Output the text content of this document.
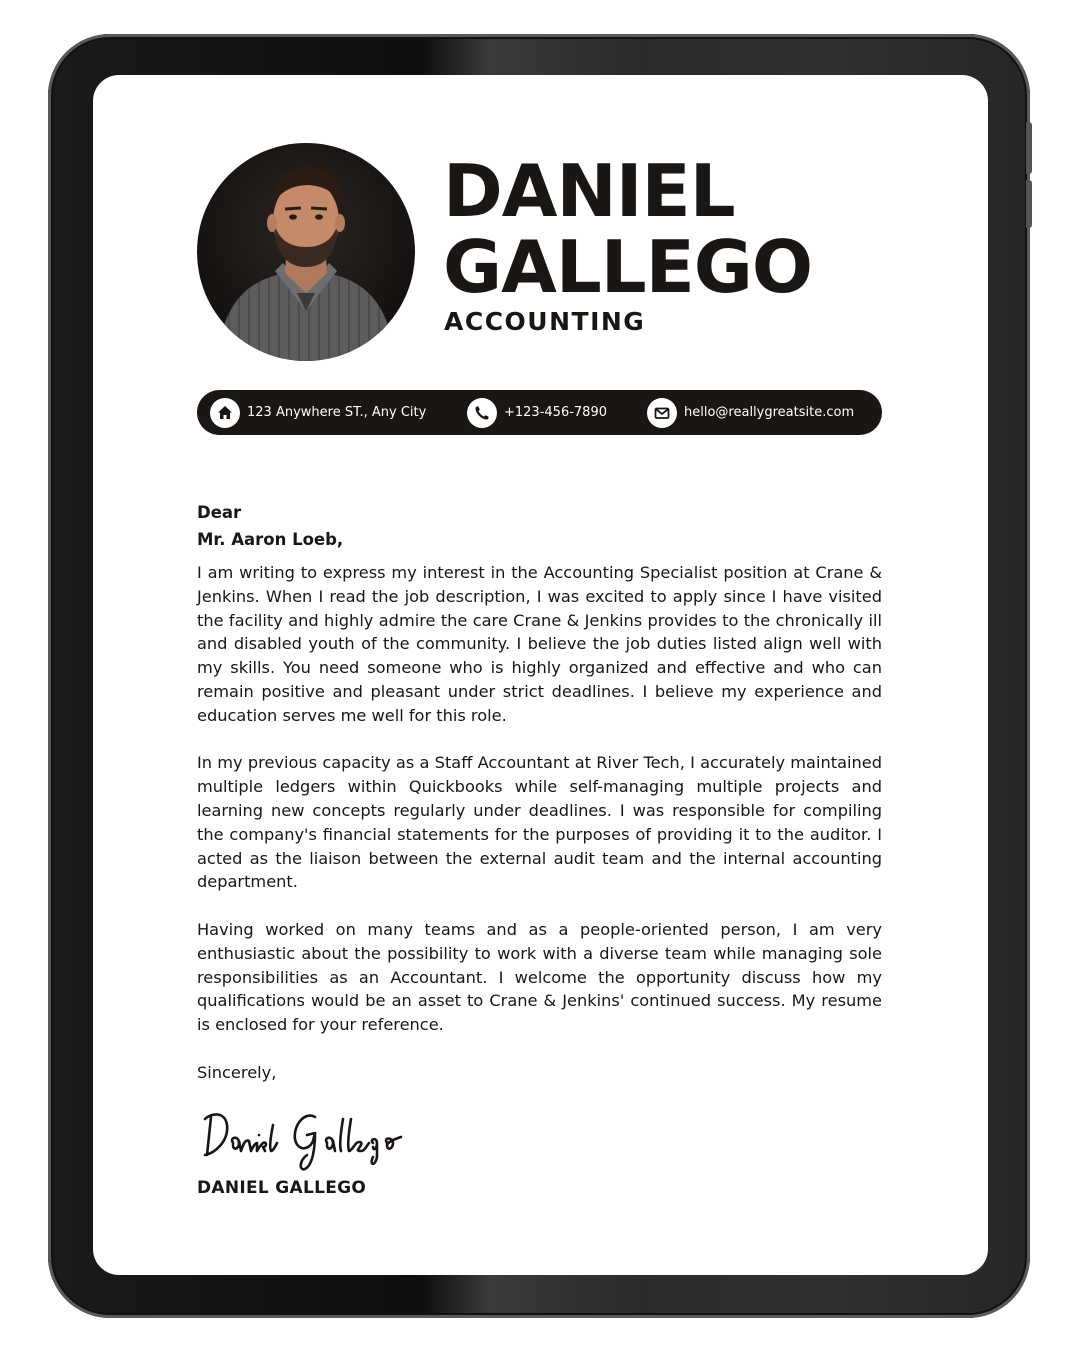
DANIEL
GALLEGO
ACCOUNTING
123 Anywhere ST., Any City	+123-456-7890	hello@reallygreatsite.com
Dear
Mr. Aaron Loeb,

I am writing to express my interest in the Accounting Specialist position at Crane & Jenkins. When I read the job description, I was excited to apply since I have visited the facility and highly admire the care Crane & Jenkins provides to the chronically ill and disabled youth of the community. I believe the job duties listed align well with my skills. You need someone who is highly organized and effective and who can remain positive and pleasant under strict deadlines. I believe my experience and education serves me well for this role.

In my previous capacity as a Staff Accountant at River Tech, I accurately maintained multiple ledgers within Quickbooks while self-managing multiple projects and learning new concepts regularly under deadlines. I was responsible for compiling the company's financial statements for the purposes of providing it to the auditor. I acted as the liaison between the external audit team and the internal accounting department.

Having worked on many teams and as a people-oriented person, I am very enthusiastic about the possibility to work with a diverse team while managing sole responsibilities as an Accountant. I welcome the opportunity discuss how my qualifications would be an asset to Crane & Jenkins' continued success. My resume is enclosed for your reference.

Sincerely,
DANIEL GALLEGO
